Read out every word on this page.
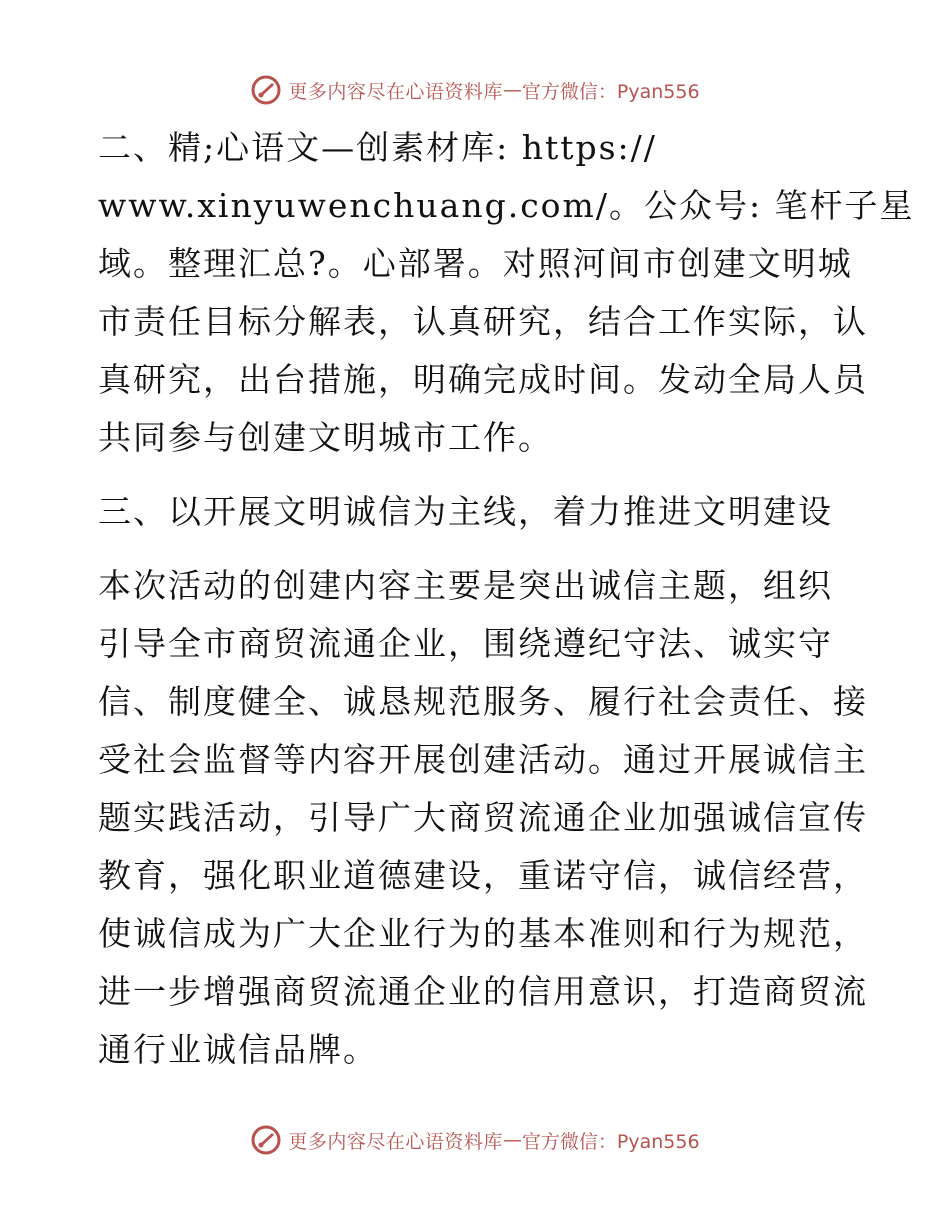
更多内容尽在心语资料库 — 官方微信：Pyan556
二、精;心语文—创素材库: https://
www.xinyuwenchuang.com/。公众号: 笔杆子星
域。整理汇总?。心部署。对照河间市创建文明城
市责任目标分解表，认真研究，结合工作实际，认
真研究，出台措施，明确完成时间。发动全局人员
共同参与创建文明城市工作。
三、以开展文明诚信为主线，着力推进文明建设
本次活动的创建内容主要是突出诚信主题，组织
引导全市商贸流通企业，围绕遵纪守法、诚实守
信、制度健全、诚恳规范服务、履行社会责任、接
受社会监督等内容开展创建活动。通过开展诚信主
题实践活动，引导广大商贸流通企业加强诚信宣传
教育，强化职业道德建设，重诺守信，诚信经营，
使诚信成为广大企业行为的基本准则和行为规范，
进一步增强商贸流通企业的信用意识，打造商贸流
通行业诚信品牌。
更多内容尽在心语资料库 — 官方微信：Pyan556
